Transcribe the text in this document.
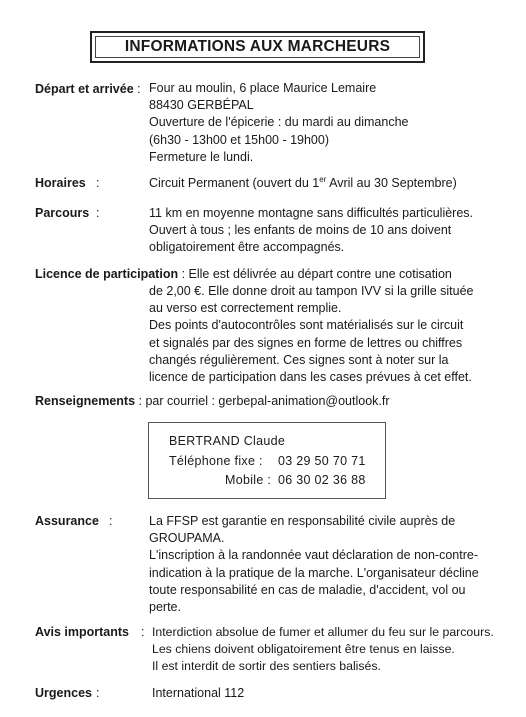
INFORMATIONS AUX MARCHEURS
Départ et arrivée : Four au moulin, 6 place Maurice Lemaire
88430 GERBÉPAL
Ouverture de l'épicerie : du mardi au dimanche
(6h30 - 13h00 et 15h00 - 19h00)
Fermeture le lundi.
Horaires :	Circuit Permanent (ouvert du 1er Avril au 30 Septembre)
Parcours :	11 km en moyenne montagne sans difficultés particulières.
Ouvert à tous ; les enfants de moins de 10 ans doivent
obligatoirement être accompagnés.
Licence de participation : Elle est délivrée au départ contre une cotisation
de 2,00 €. Elle donne droit au tampon IVV si la grille située
au verso est correctement remplie.
Des points d'autocontrôles sont matérialisés sur le circuit
et signalés par des signes en forme de lettres ou chiffres
changés régulièrement. Ces signes sont à noter sur la
licence de participation dans les cases prévues à cet effet.
Renseignements : par courriel : gerbepal-animation@outlook.fr
BERTRAND Claude
Téléphone fixe : 03 29 50 70 71
Mobile : 06 30 02 36 88
Assurance :	La FFSP est garantie en responsabilité civile auprès de
GROUPAMA.
L'inscription à la randonnée vaut déclaration de non-contre-
indication à la pratique de la marche. L'organisateur décline
toute responsabilité en cas de maladie, d'accident, vol ou
perte.
Avis importants : Interdiction absolue de fumer et allumer du feu sur le parcours.
Les chiens doivent obligatoirement être tenus en laisse.
Il est interdit de sortir des sentiers balisés.
Urgences :	International 112
